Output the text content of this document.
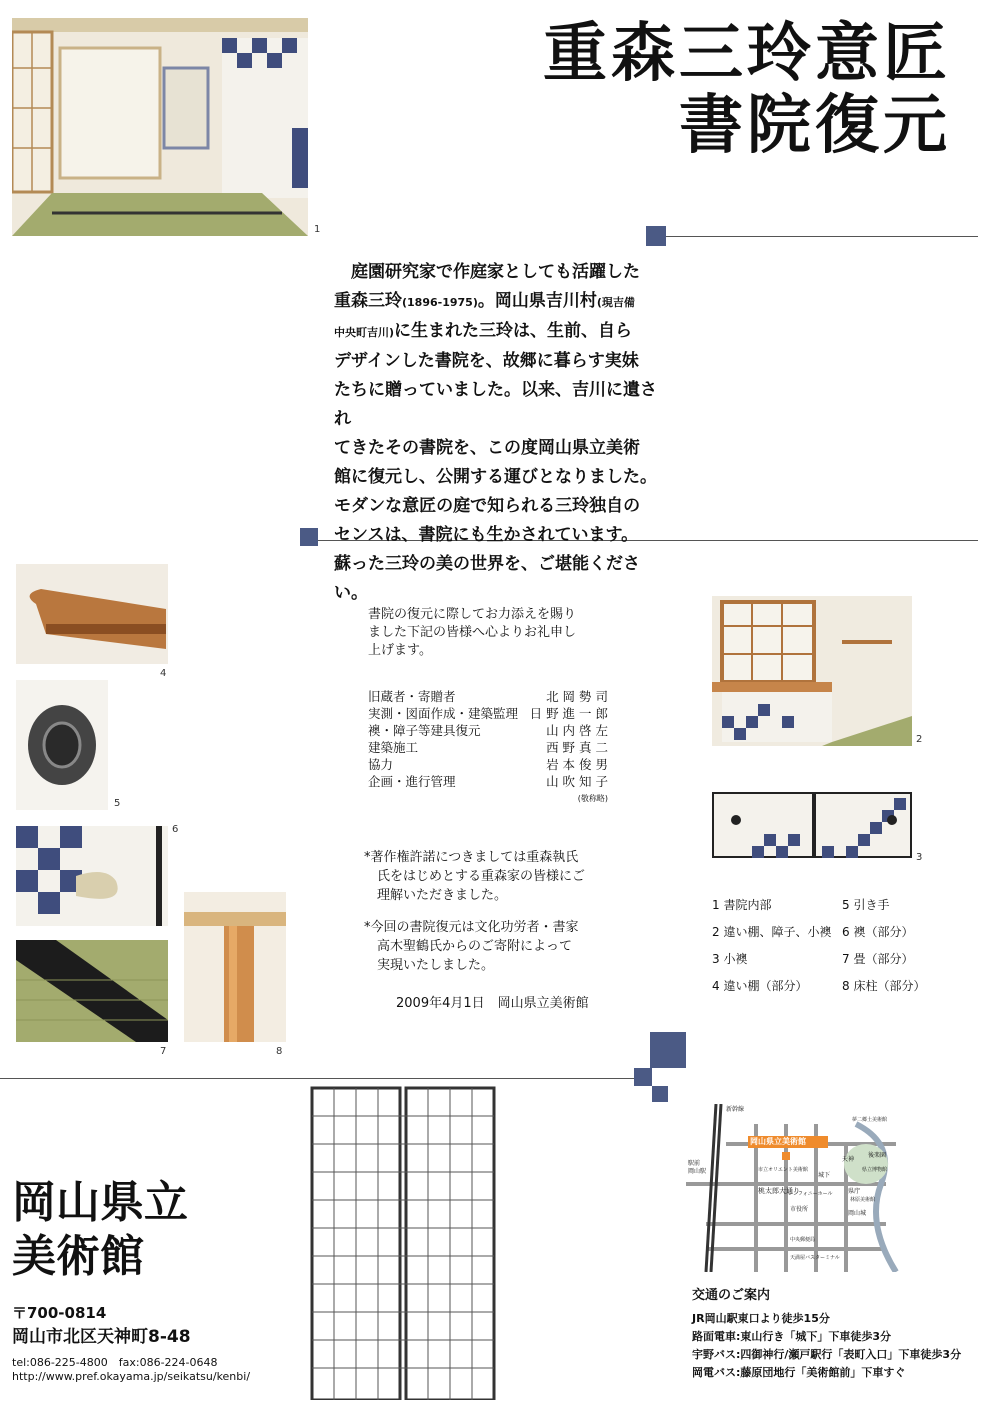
1
重森三玲意匠
書院復元

　庭園研究家で作庭家としても活躍した

重森三玲(1896-1975)。岡山県吉川村(現吉備

中央町吉川)に生まれた三玲は、生前、自ら

デザインした書院を、故郷に暮らす実妹

たちに贈っていました。以来、吉川に遺され

てきたその書院を、この度岡山県立美術

館に復元し、公開する運びとなりました。

モダンな意匠の庭で知られる三玲独自の

センスは、書院にも生かされています。

蘇った三玲の美の世界を、ご堪能ください。

4
5
6
7	8
書院の復元に際してお力添えを賜り
ました下記の皆様へ心よりお礼申し
上げます。
旧蔵者・寄贈者	北 岡 勢 司
実測・図面作成・建築監理 日 野 進 一 郎
襖・障子等建具復元	山 内 啓 左
建築施工	西 野 真 二
協力	岩 本 俊 男
企画・進行管理	山 吹 知 子
(敬称略)
*著作権許諾につきましては重森執氏
　氏をはじめとする重森家の皆様にご
　理解いただきました。
*今回の書院復元は文化功労者・書家
　高木聖鶴氏からのご寄附によって
　実現いたしました。
2009年4月1日　岡山県立美術館
2
3
1 書院内部	5 引き手
2 違い棚、障子、小襖 6 襖（部分）
3 小襖	7 畳（部分）
4 違い棚（部分）	8 床柱（部分）
岡山県立
美術館
〒700-0814
岡山市北区天神町8-48
tel:086-225-4800　fax:086-224-0648
http://www.pref.okayama.jp/seikatsu/kenbi/
岡山県立美術館
新幹線
岡山駅
駅前
桃太郎大通り
城下
後楽園
岡山城
県庁
市役所
夢二郷土美術館
県立博物館
天神
市立オリエント美術館
シンフォニーホール
林原美術館
中央郵便局
天満屋バスターミナル
交通のご案内
JR岡山駅東口より徒歩15分
路面電車:東山行き「城下」下車徒歩3分
宇野バス:四御神行/瀬戸駅行「表町入口」下車徒歩3分
岡電バス:藤原団地行「美術館前」下車すぐ
